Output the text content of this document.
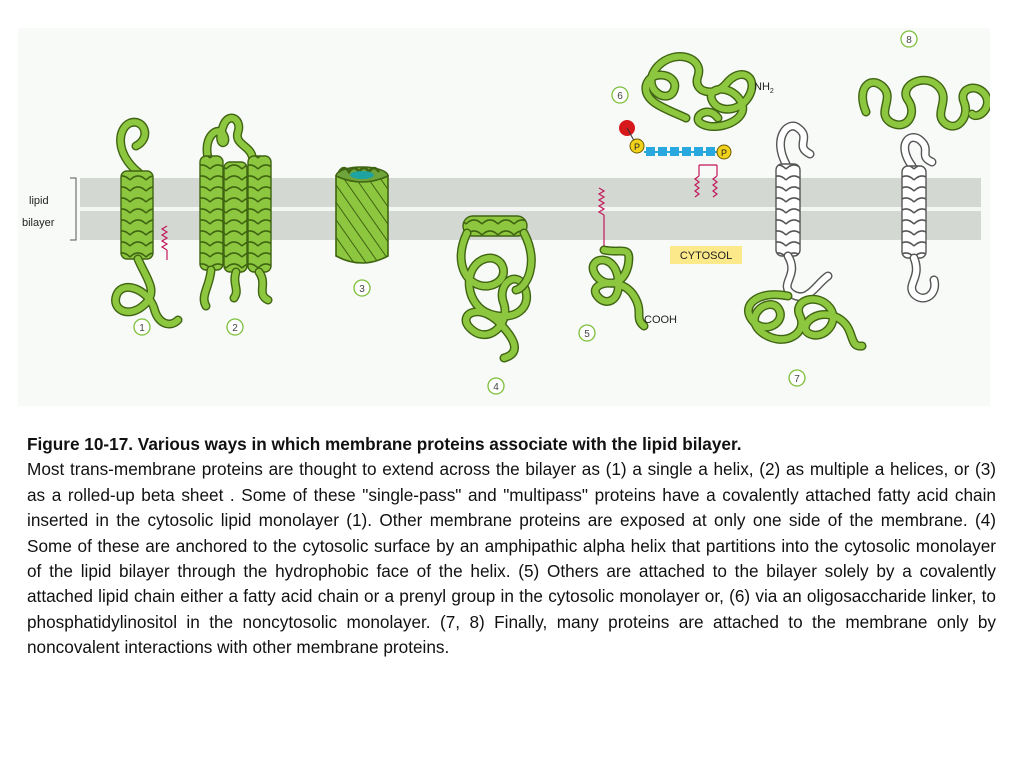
lipid
bilayer
1	2
3
4
COOH
5
CYTOSOL
$NH_2$
6
P
P
7
8

Figure 10-17. Various ways in which membrane proteins associate with the lipid bilayer.

Most trans-membrane proteins are thought to extend across the bilayer as (1) a single a helix, (2) as multiple a helices, or (3) as a rolled-up beta sheet . Some of these "single-pass" and "multipass" proteins have a covalently attached fatty acid chain inserted in the cytosolic lipid monolayer (1). Other membrane proteins are exposed at only one side of the membrane. (4) Some of these are anchored to the cytosolic surface by an amphipathic alpha helix that partitions into the cytosolic monolayer of the lipid bilayer through the hydrophobic face of the helix. (5) Others are attached to the bilayer solely by a covalently attached lipid chain either a fatty acid chain or a prenyl group in the cytosolic monolayer or, (6) via an oligosaccharide linker, to phosphatidylinositol in the noncytosolic monolayer. (7, 8) Finally, many proteins are attached to the membrane only by noncovalent interactions with other membrane proteins.
